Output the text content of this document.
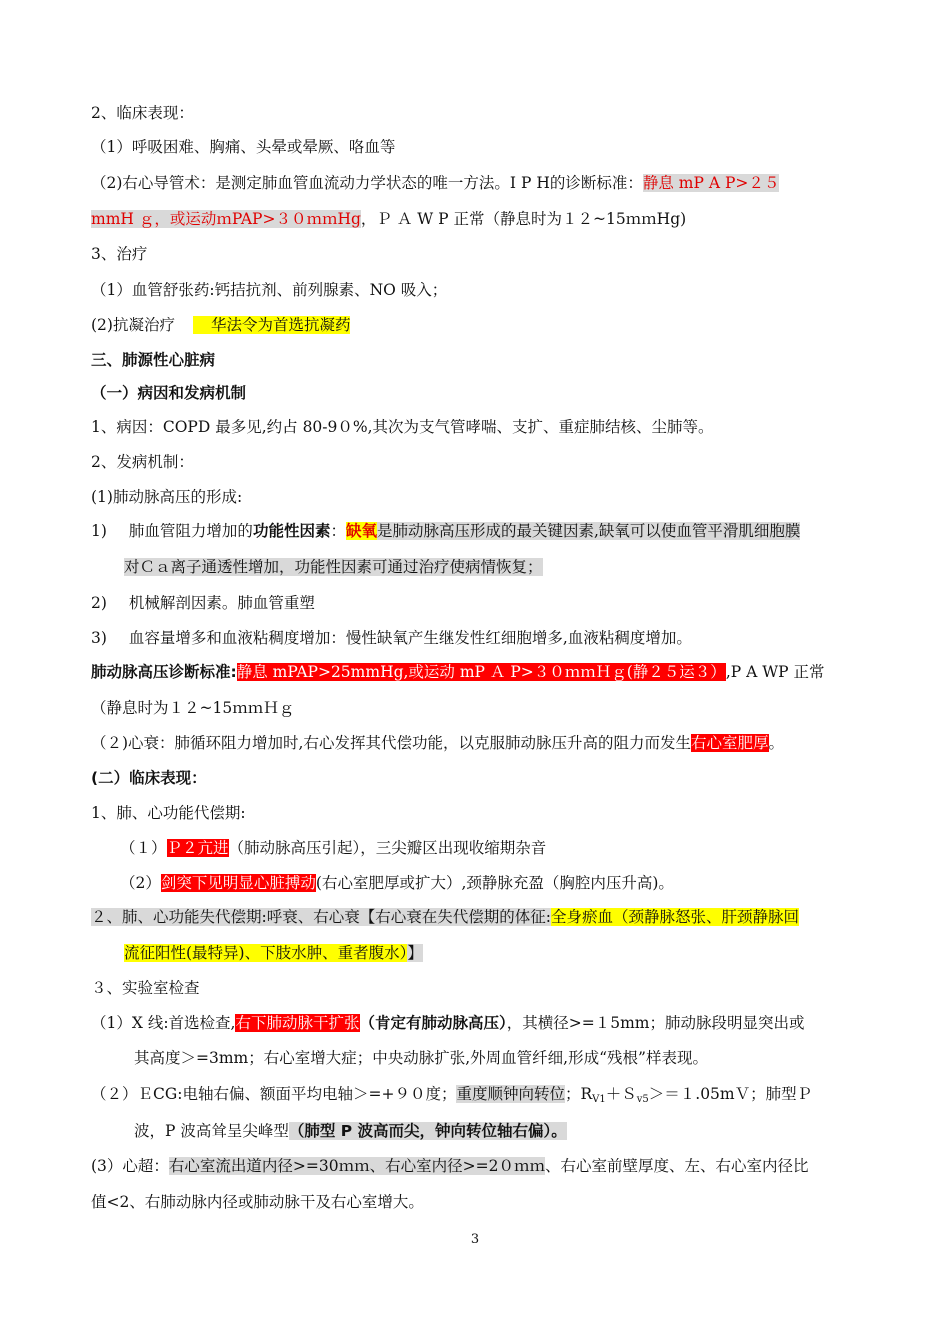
2、临床表现：
（1）呼吸困难、胸痛、头晕或晕厥、咯血等
（2)右心导管术：是测定肺血管血流动力学状态的唯一方法。I P H的诊断标准：静息 mP A P>２５
mmH ｇ，或运动ｍPAP>３０ｍｍHg，Ｐ Ａ W P 正常（静息时为１２~15ｍｍHg)
3、治疗
（1）血管舒张药:钙拮抗剂、前列腺素、NO 吸入；
(2)抗凝治疗 华法令为首选抗凝药
三、肺源性心脏病
（一）病因和发病机制
1、病因：COPD 最多见,约占 80-9０%,其次为支气管哮喘、支扩、重症肺结核、尘肺等。
2、发病机制：
(1)肺动脉高压的形成:
1) 肺血管阻力增加的功能性因素：缺氧是肺动脉高压形成的最关键因素,缺氧可以使血管平滑肌细胞膜
对Ｃａ离子通透性增加，功能性因素可通过治疗使病情恢复；
2) 机械解剖因素。肺血管重塑
3) 血容量增多和血液粘稠度增加：慢性缺氧产生继发性红细胞增多,血液粘稠度增加。
肺动脉高压诊断标准:静息 mPAP>25mmHg,或运动 mP Ａ P>３０ｍｍＨｇ(静２５运３）,P A WP 正常
（静息时为１２~15ｍｍＨｇ
（２)心衰：肺循环阻力增加时,右心发挥其代偿功能，以克服肺动脉压升高的阻力而发生右心室肥厚。
(二）临床表现：
1、肺、心功能代偿期:
（１）Ｐ２亢进（肺动脉高压引起），三尖瓣区出现收缩期杂音
（2）剑突下见明显心脏搏动(右心室肥厚或扩大）,颈静脉充盈（胸腔内压升高)。
２、肺、心功能失代偿期:呼衰、右心衰【右心衰在失代偿期的体征:全身瘀血（颈静脉怒张、肝颈静脉回
流征阳性(最特异)、下肢水肿、重者腹水）】
３、实验室检查
（1）X 线:首选检查,右下肺动脉干扩张（肯定有肺动脉高压），其横径>=１5mm；肺动脉段明显突出或
其高度＞=3mm；右心室增大症；中央动脉扩张,外周血管纤细,形成“残根”样表现。
（２）ＥCG:电轴右偏、额面平均电轴＞=+９０度；重度顺钟向转位；$R_{V1}+S_{v5}>=1.05mV$；肺型Ｐ
波，P 波高耸呈尖峰型（肺型 P 波高而尖，钟向转位轴右偏）。
(3）心超：右心室流出道内径>=30ｍｍ、右心室内径>=2０ｍｍ、右心室前壁厚度、左、右心室内径比
值<2、右肺动脉内径或肺动脉干及右心室增大。
3
